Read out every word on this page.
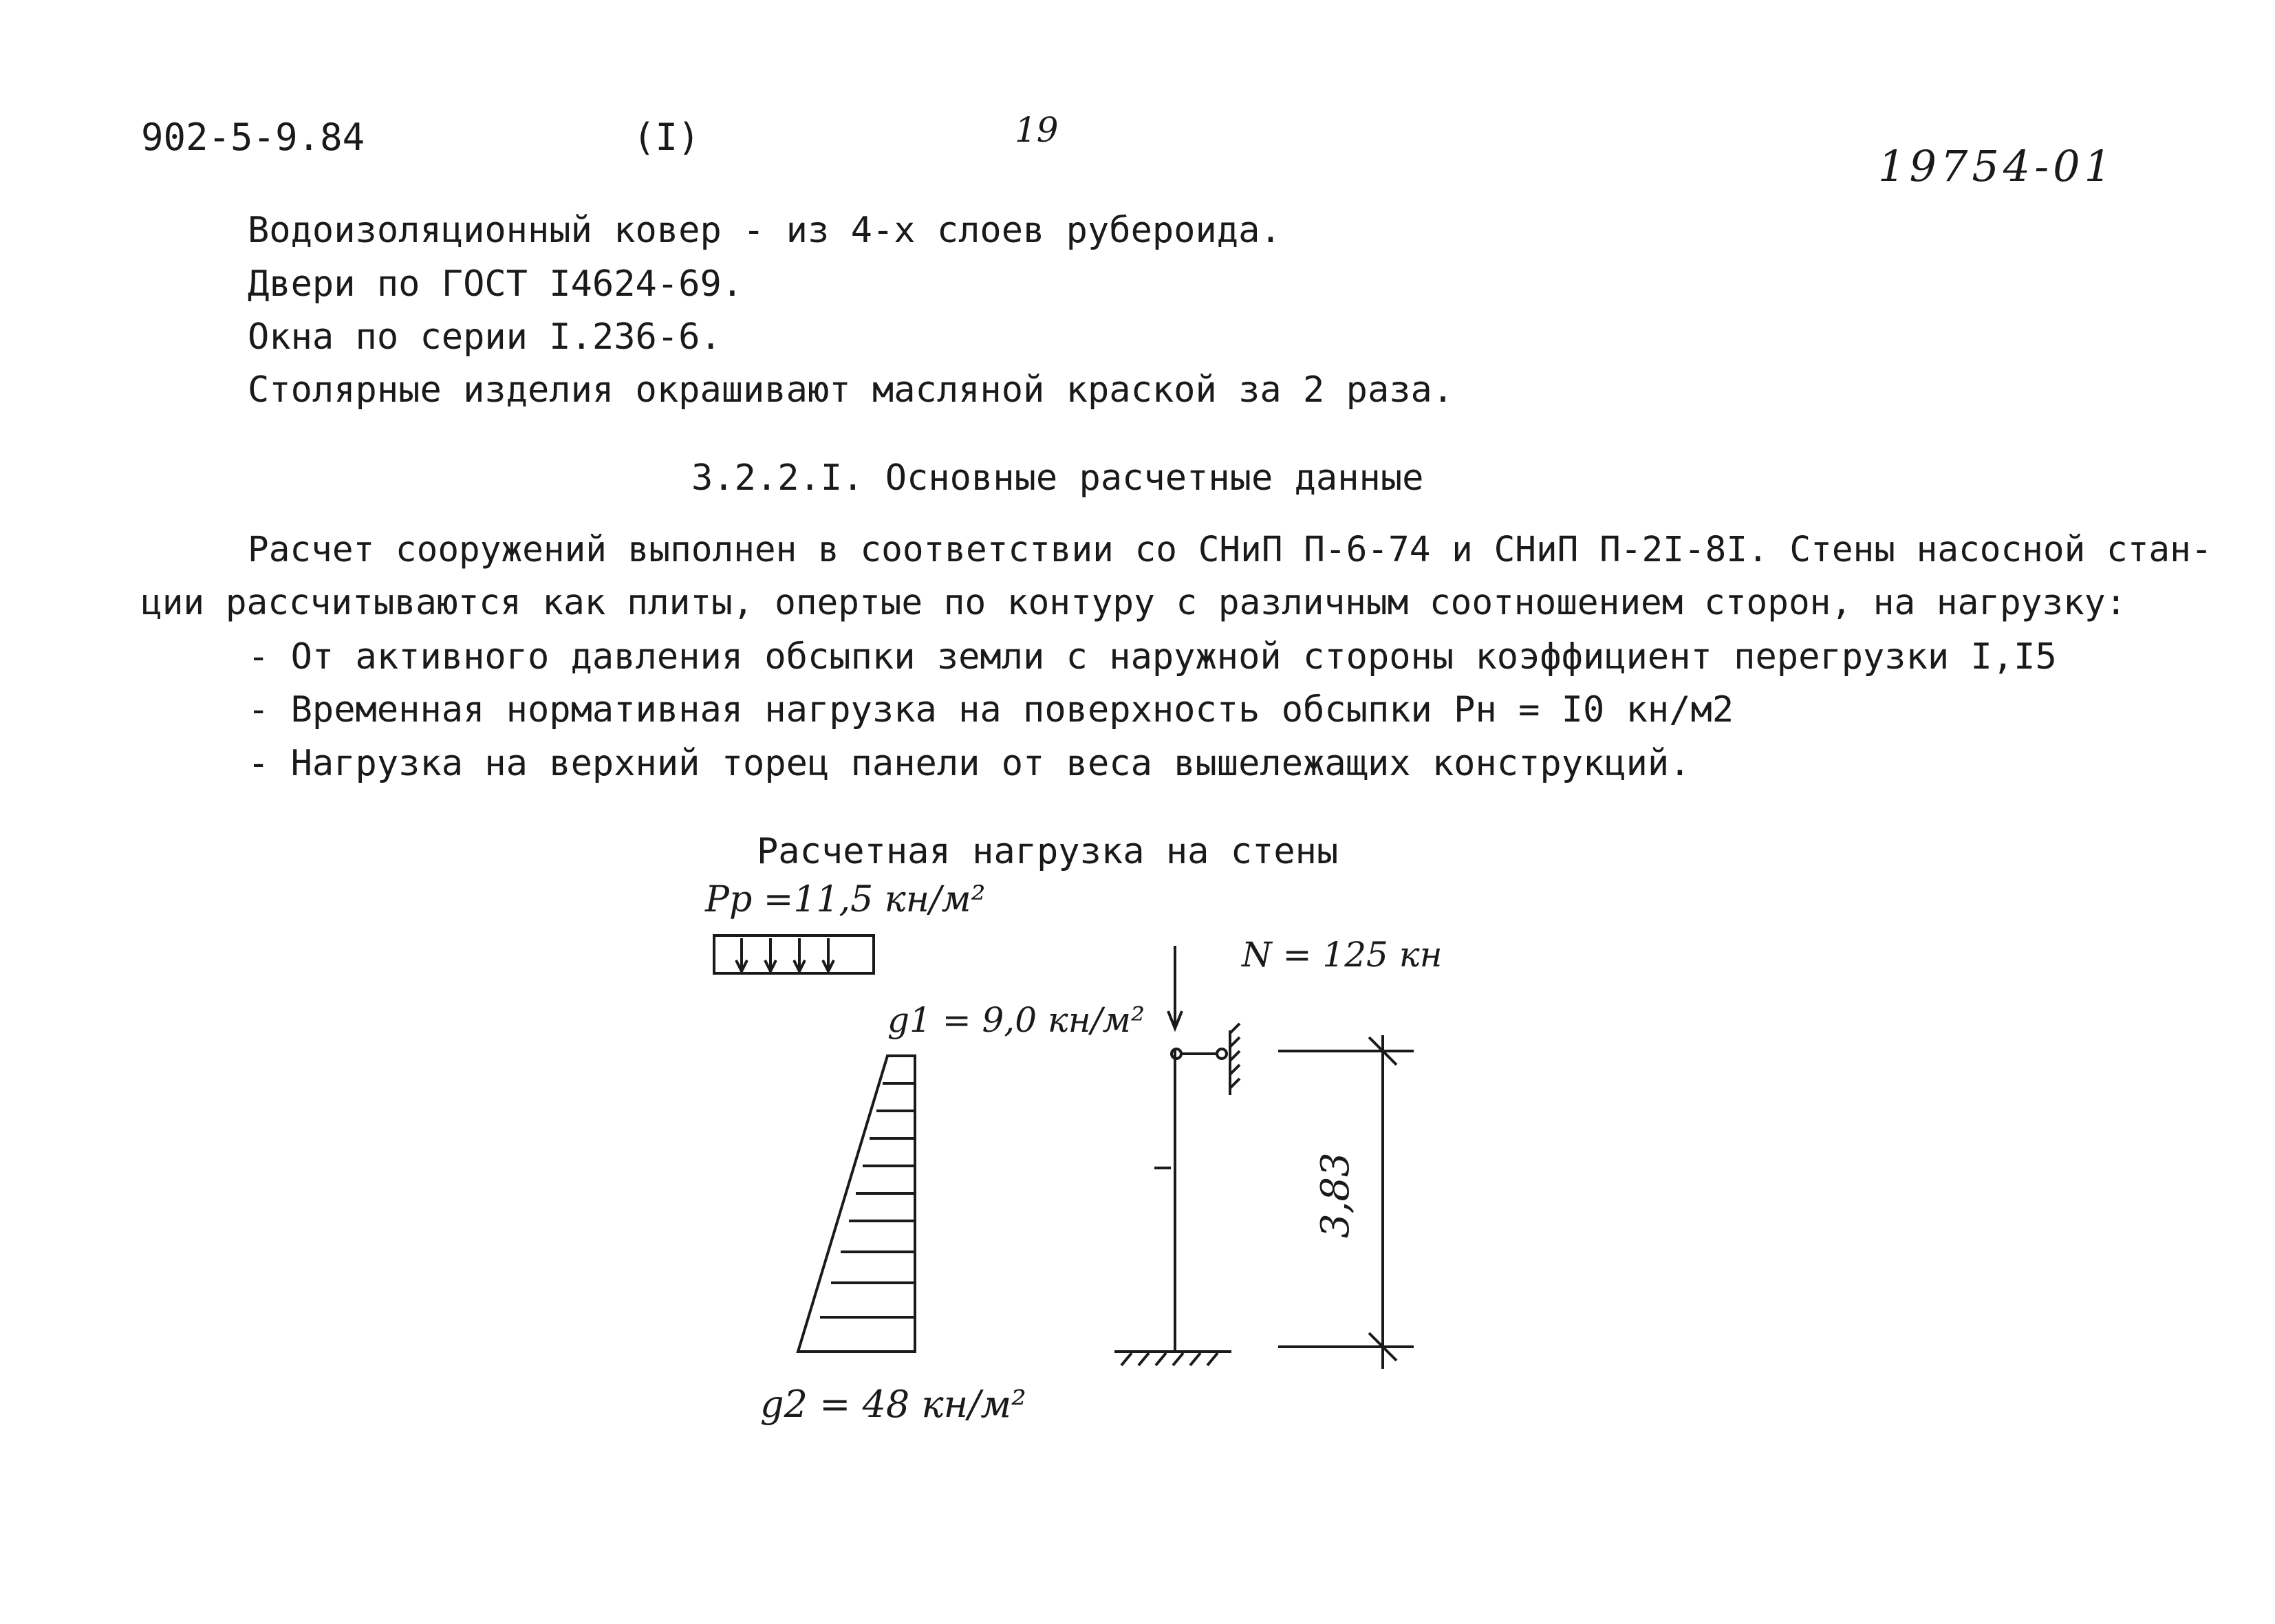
902-5-9.84	(I)	19
19754-01
Водоизоляционный ковер - из 4-х слоев рубероида.
Двери по ГОСТ I4624-69.
Окна по серии I.236-6.
Столярные изделия окрашивают масляной краской за 2 раза.
3.2.2.I. Основные расчетные данные
Расчет сооружений выполнен в соответствии со СНиП П-6-74 и СНиП П-2I-8I. Стены насосной стан-
ции рассчитываются как плиты, опертые по контуру с различным соотношением сторон, на нагрузку:
- От активного давления обсыпки земли с наружной стороны коэффициент перегрузки I,I5
- Временная нормативная нагрузка на поверхность обсыпки Рн = I0 кн/м2
- Нагрузка на верхний торец панели от веса вышележащих конструкций.
Расчетная нагрузка на стены
Pp =11,5 кн/м²
g1 = 9,0 кн/м²
g2 = 48 кн/м²
N = 125 кн
3,83
